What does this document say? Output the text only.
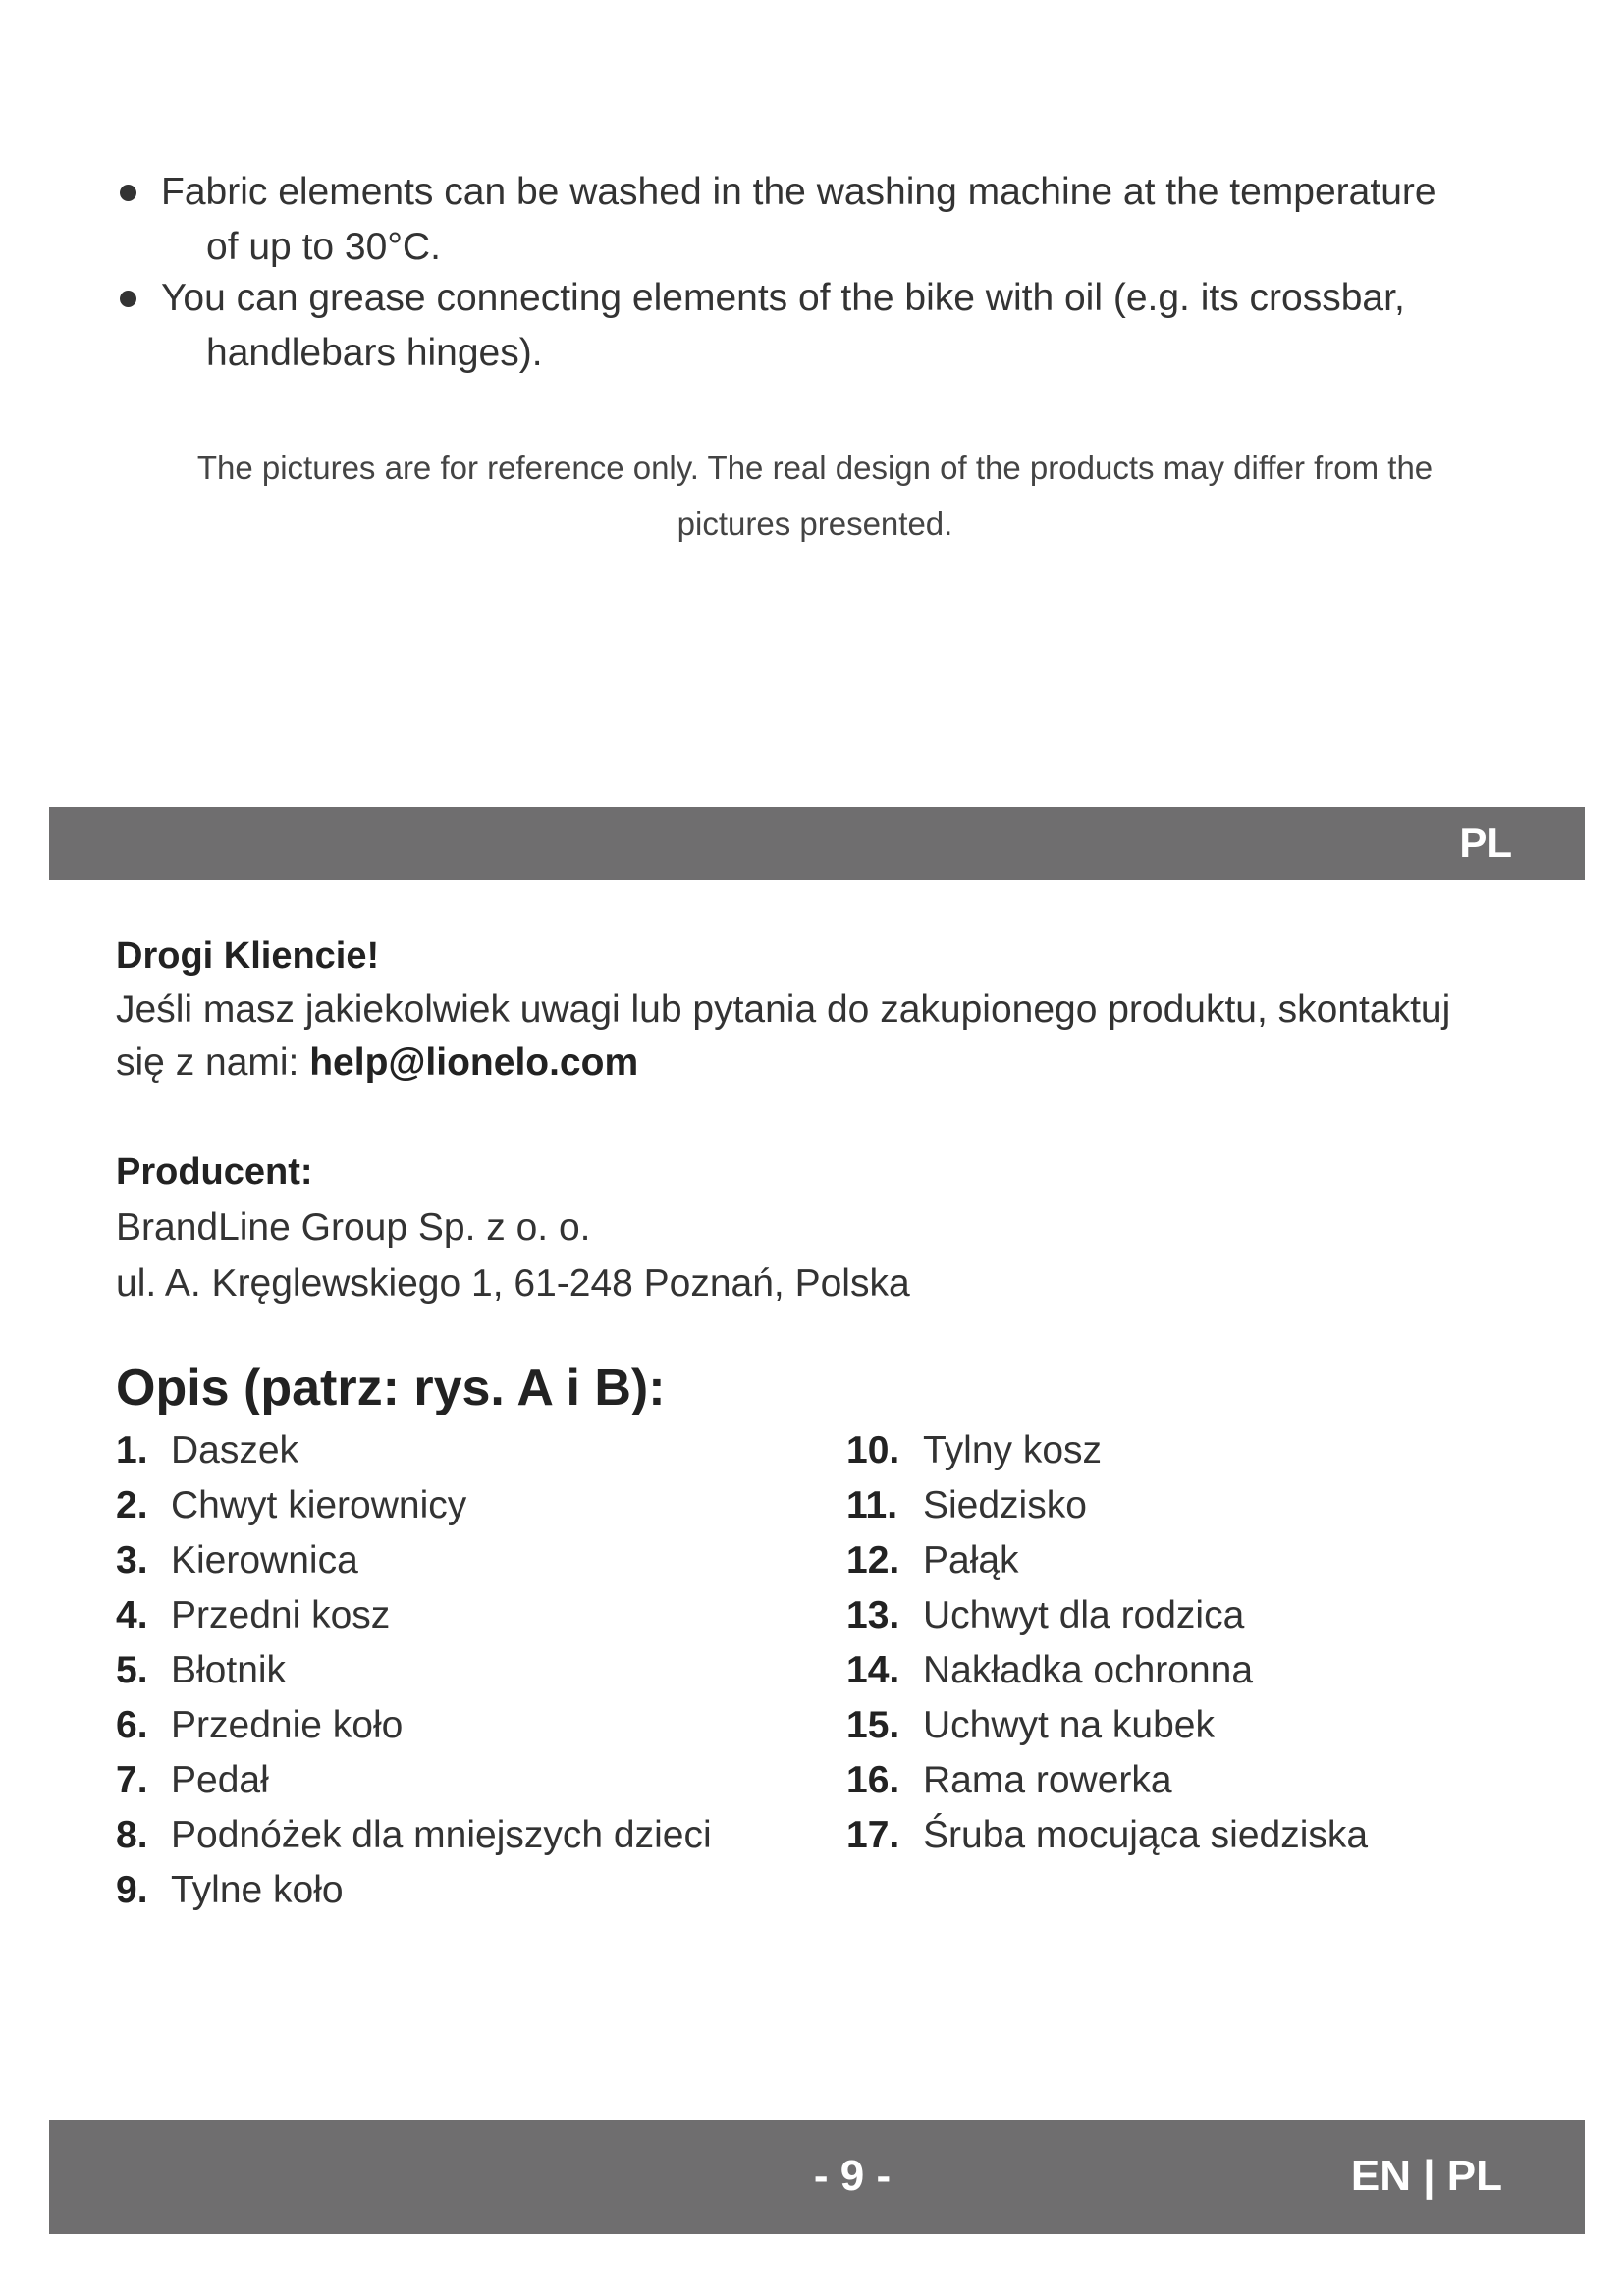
Fabric elements can be washed in the washing machine at the temperature
of up to 30°C.
You can grease connecting elements of the bike with oil (e.g. its crossbar,
handlebars hinges).
The pictures are for reference only. The real design of the products may differ from the
pictures presented.
PL
Drogi Kliencie!
Jeśli masz jakiekolwiek uwagi lub pytania do zakupionego produktu, skontaktuj
się z nami: help@lionelo.com
Producent:
BrandLine Group Sp. z o. o.
ul. A. Kręglewskiego 1, 61-248 Poznań, Polska
Opis (patrz: rys. A i B):
1. Daszek
2. Chwyt kierownicy
3. Kierownica
4. Przedni kosz
5. Błotnik
6. Przednie koło
7. Pedał
8. Podnóżek dla mniejszych dzieci
9. Tylne koło
10. Tylny kosz
11. Siedzisko
12. Pałąk
13. Uchwyt dla rodzica
14. Nakładka ochronna
15. Uchwyt na kubek
16. Rama rowerka
17. Śruba mocująca siedziska
- 9 -	EN | PL
